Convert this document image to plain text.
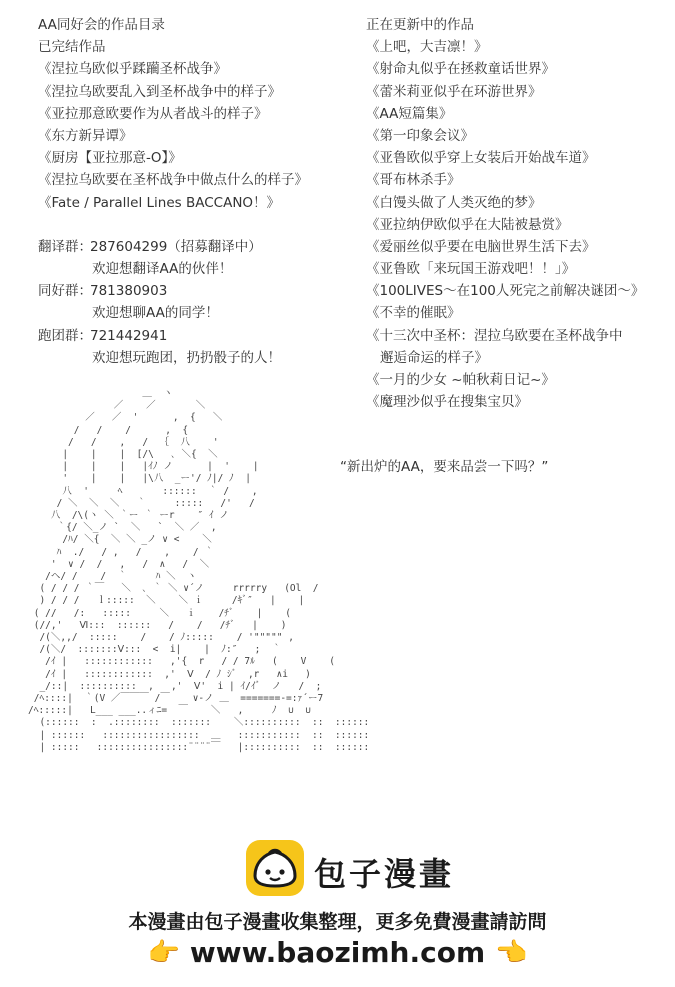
AA同好会的作品目录
已完结作品
《涅拉乌欧似乎蹂躏圣杯战争》
《涅拉乌欧要乱入到圣杯战争中的样子》
《亚拉那意欧要作为从者战斗的样子》
《东方新异谭》
《厨房【亚拉那意-O】》
《涅拉乌欧要在圣杯战争中做点什么的样子》
《Fate / Parallel Lines BACCANO！》
翻译群：287604299（招募翻译中）
欢迎想翻译AA的伙伴！
同好群：781380903
欢迎想聊AA的同学！
跑团群：721442941
欢迎想玩跑团，扔扔骰子的人！
正在更新中的作品
《上吧，大吉凛！》
《射命丸似乎在拯救童话世界》
《蕾米莉亚似乎在环游世界》
《AA短篇集》
《第一印象会议》
《亚鲁欧似乎穿上女装后开始战车道》
《哥布林杀手》
《白馒头做了人类灭绝的梦》
《亚拉纳伊欧似乎在大陆被悬赏》
《爱丽丝似乎要在电脑世界生活下去》
《亚鲁欧「来玩国王游戏吧！！」》
《100LIVES～在100人死完之前解决谜团～》
《不幸的催眠》
《十三次中圣杯：涅拉乌欧要在圣杯战争中
邂逅命运的样子》
《一月的少女 ~帕秋莉日记~》
《魔理沙似乎在搜集宝贝》
＿  ヽ
／    ／       ＼
／   ／  '      ,  {   ＼
/   /    /      ,  {
/   /    ,   /  ｛  八    '
|    |    |  [/\   ､ ＼{  ＼
|    |    |   |ｲﾉ ノ      |  '    |
'    |    |   |\八  _ー'/ ﾉ|/ ﾉ  |
八  '     ﾍ       ::::::  ｀ /    ,
/ ＼  ＼  ＼   ｀     :::::   /'   /
八  /\(ヽ ＼ ｀ー ｀ ーr    ″ ｲ ノ
｀{/ ＼_ノ `  ＼   `  ＼ ／  ,
/ﾊ/ ＼{  ＼ ＼ _ノ ∨ <    ＼
ﾊ  ./   / ,   /    ,    / ｀
'  ∨ /  /   ,   /  ∧   /  ＼
/ヘ/ /    /  ｀     ﾊ ＼  ヽ
( / / / ｀￣   ＼  ､ ｀ ＼ ∨´ノ     rrrrry   (Ol  /
) / / /   ｌ:::::  ＼    ＼ ｉ     /ｷﾞ″   |    |
( //   /:   :::::     ＼   ｉ    /ﾁﾞ    |    (
(//,'   Ⅵ:::  ::::::   /    /   /ﾁﾞ   |    )
/(＼,,/  :::::    /    / ﾉ:::::    / '""""" ,
/(＼/  :::::::Ⅴ:::  <  i|    |  ﾉ:″   ;  ｀
/ｲ |   ::::::::::::   ,'{  r   / / 7ﾙ   (    V    (
/ｲ |   ::::::::::::  ,'  Ⅴ  / ﾉ ｼﾞ  ,r   ∧i   )
_/::|  ::::::::::  ,   ,'  Ⅴ'  i | ｲ/ｲﾞ  ノ   /  ;
/ﾍ::::|  ｀(V ／￣￣￣ /￣    ∨-ノ ＿  =======-=:ｧ´ー7
/ﾍ:::::|   L___ ___..ィﾆ=  ￣    ＼   ,     ﾉ  ∪  ∪
(::::::  :  .::::::::  :::::::    ＼::::::::::  ::  ::::::
| ::::::   :::::::::::::::::  ＿   :::::::::::  ::  ::::::
| :::::   ::::::::::::::::¨¨¨¨￣   |::::::::::  ::  ::::::
“新出炉的AA，要来品尝一下吗？”
包子漫畫
本漫畫由包子漫畫收集整理，更多免費漫畫請訪問
👉 www.baozimh.com 👈
